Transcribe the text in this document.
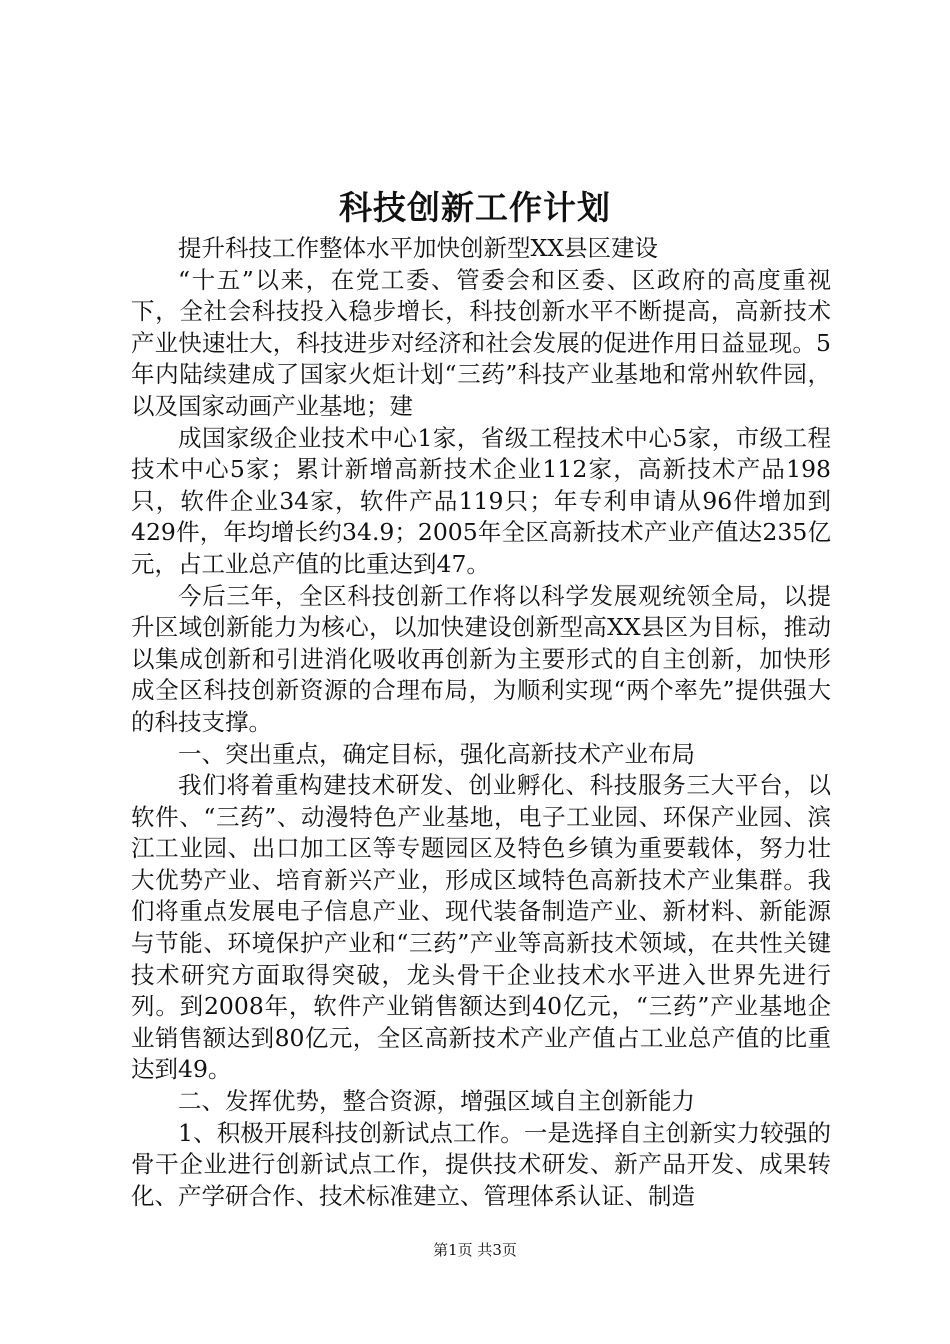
科技创新工作计划

提升科技工作整体水平加快创新型XX县区建设

“十五”以来，在党工委、管委会和区委、区政府的高度重视下，全社会科技投入稳步增长，科技创新水平不断提高，高新技术产业快速壮大，科技进步对经济和社会发展的促进作用日益显现。5年内陆续建成了国家火炬计划“三药”科技产业基地和常州软件园，以及国家动画产业基地；建

成国家级企业技术中心1家，省级工程技术中心5家，市级工程技术中心5家；累计新增高新技术企业112家，高新技术产品198只，软件企业34家，软件产品119只；年专利申请从96件增加到429件，年均增长约34.9；2005年全区高新技术产业产值达235亿元，占工业总产值的比重达到47。

今后三年，全区科技创新工作将以科学发展观统领全局，以提升区域创新能力为核心，以加快建设创新型高XX县区为目标，推动以集成创新和引进消化吸收再创新为主要形式的自主创新，加快形成全区科技创新资源的合理布局，为顺利实现“两个率先”提供强大的科技支撑。

一、突出重点，确定目标，强化高新技术产业布局

我们将着重构建技术研发、创业孵化、科技服务三大平台，以软件、“三药”、动漫特色产业基地，电子工业园、环保产业园、滨江工业园、出口加工区等专题园区及特色乡镇为重要载体，努力壮大优势产业、培育新兴产业，形成区域特色高新技术产业集群。我们将重点发展电子信息产业、现代装备制造产业、新材料、新能源与节能、环境保护产业和“三药”产业等高新技术领域，在共性关键技术研究方面取得突破，龙头骨干企业技术水平进入世界先进行列。到2008年，软件产业销售额达到40亿元，“三药”产业基地企业销售额达到80亿元，全区高新技术产业产值占工业总产值的比重达到49。

二、发挥优势，整合资源，增强区域自主创新能力

1、积极开展科技创新试点工作。一是选择自主创新实力较强的骨干企业进行创新试点工作，提供技术研发、新产品开发、成果转化、产学研合作、技术标准建立、管理体系认证、制造

第1页 共3页
